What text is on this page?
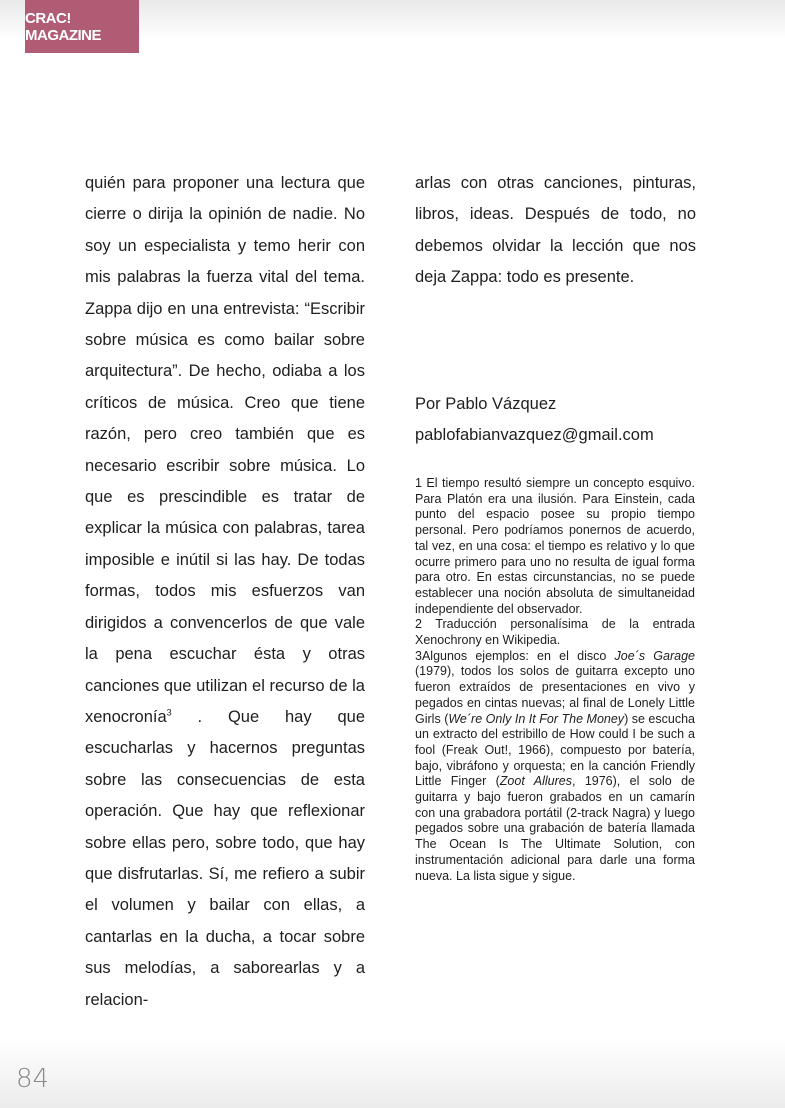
CRAC! MAGAZINE

quién para proponer una lectura que cierre o dirija la opinión de nadie. No soy un especialista y temo herir con mis palabras la fuerza vital del tema. Zappa dijo en una entrevista: “Escribir sobre música es como bailar sobre arquitectura”. De hecho, odiaba a los críticos de música. Creo que tiene razón, pero creo también que es necesario escribir sobre música. Lo que es prescindible es tratar de explicar la música con palabras, tarea imposible e inútil si las hay. De todas formas, todos mis esfuerzos van dirigidos a convencerlos de que vale la pena escuchar ésta y otras canciones que utilizan el recurso de la xenocronía$^3$ . Que hay que escucharlas y hacernos preguntas sobre las consecuencias de esta operación. Que hay que reflexionar sobre ellas pero, sobre todo, que hay que disfrutarlas. Sí, me refiero a subir el volumen y bailar con ellas, a cantarlas en la ducha, a tocar sobre sus melodías, a saborearlas y a relacion-

arlas con otras canciones, pinturas, libros, ideas. Después de todo, no debemos olvidar la lección que nos deja Zappa: todo es presente.

Por Pablo Vázquez
pablofabianvazquez@gmail.com

1 El tiempo resultó siempre un concepto esquivo. Para Platón era una ilusión. Para Einstein, cada punto del espacio posee su propio tiempo personal. Pero podríamos ponernos de acuerdo, tal vez, en una cosa: el tiempo es relativo y lo que ocurre primero para uno no resulta de igual forma para otro. En estas circunstancias, no se puede establecer una noción absoluta de simultaneidad independiente del observador.

2 Traducción personalísima de la entrada Xenochrony en Wikipedia.

3Algunos ejemplos: en el disco Joe´s Garage (1979), todos los solos de guitarra excepto uno fueron extraídos de presentaciones en vivo y pegados en cintas nuevas; al final de Lonely Little Girls (We´re Only In It For The Money) se escucha un extracto del estribillo de How could I be such a fool (Freak Out!, 1966), compuesto por batería, bajo, vibráfono y orquesta; en la canción Friendly Little Finger (Zoot Allures, 1976), el solo de guitarra y bajo fueron grabados en un camarín con una grabadora portátil (2-track Nagra) y luego pegados sobre una grabación de batería llamada The Ocean Is The Ultimate Solution, con instrumentación adicional para darle una forma nueva. La lista sigue y sigue.

84
